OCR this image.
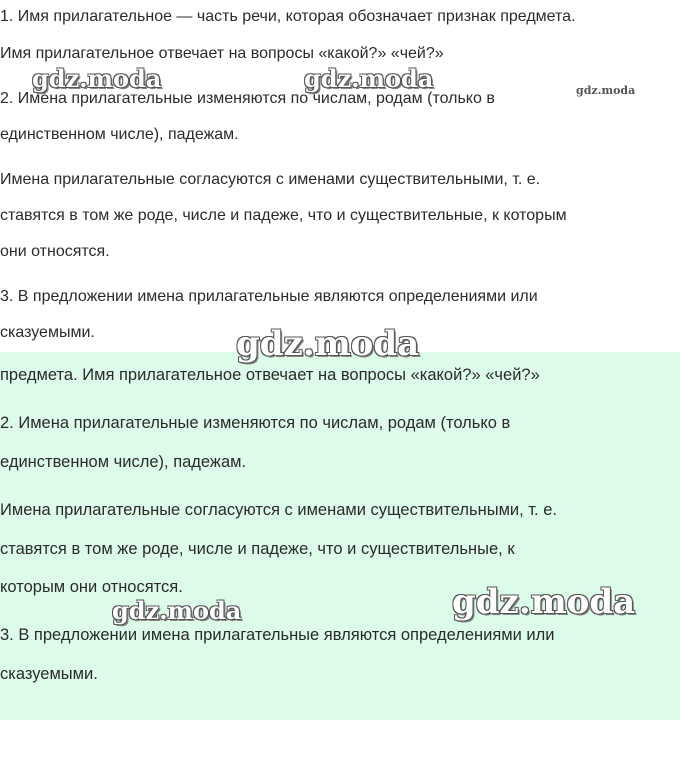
1. Имя прилагательное — часть речи, которая обозначает признак предмета.

Имя прилагательное отвечает на вопросы «какой?» «чей?»

2. Имена прилагательные изменяются по числам, родам (только в

единственном числе), падежам.

Имена прилагательные согласуются с именами существительными, т. е.

ставятся в том же роде, числе и падеже, что и существительные, к которым

они относятся.

3. В предложении имена прилагательные являются определениями или

сказуемыми.

предмета. Имя прилагательное отвечает на вопросы «какой?» «чей?»

2. Имена прилагательные изменяются по числам, родам (только в

единственном числе), падежам.

Имена прилагательные согласуются с именами существительными, т. е.

ставятся в том же роде, числе и падеже, что и существительные, к

которым они относятся.

3. В предложении имена прилагательные являются определениями или

сказуемыми.

gdz.moda	gdz.moda	gdz.moda
gdz.moda
gdz.moda	gdz.moda
